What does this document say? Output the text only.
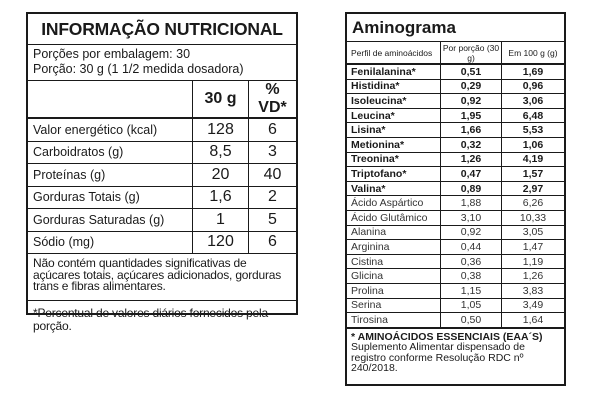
INFORMAÇÃO NUTRICIONAL
Porções por embalagem: 30
Porção: 30 g (1 1/2 medida dosadora)
	30 g	% VD*
Valor energético (kcal)	128	6
Carboidratos (g)	8,5	3
Proteínas (g)	20	40
Gorduras Totais (g)	1,6	2
Gorduras Saturadas (g)	1	5
Sódio (mg)	120	6
Não contém quantidades significativas de açúcares totais, açúcares adicionados, gorduras trans e fibras alimentares.
*Percentual de valores diários fornecidos pela porção.
Aminograma
Perfil de aminoácidos	Por porção (30 g)	Em 100 g (g)
Fenilalanina*	0,51	1,69
Histidina*	0,29	0,96
Isoleucina*	0,92	3,06
Leucina*	1,95	6,48
Lisina*	1,66	5,53
Metionina*	0,32	1,06
Treonina*	1,26	4,19
Triptofano*	0,47	1,57
Valina*	0,89	2,97
Ácido Aspártico	1,88	6,26
Ácido Glutâmico	3,10	10,33
Alanina	0,92	3,05
Arginina	0,44	1,47
Cistina	0,36	1,19
Glicina	0,38	1,26
Prolina	1,15	3,83
Serina	1,05	3,49
Tirosina	0,50	1,64
* AMINOÁCIDOS ESSENCIAIS (EAA´S)
Suplemento Alimentar dispensado de registro conforme Resolução RDC nº 240/2018.
